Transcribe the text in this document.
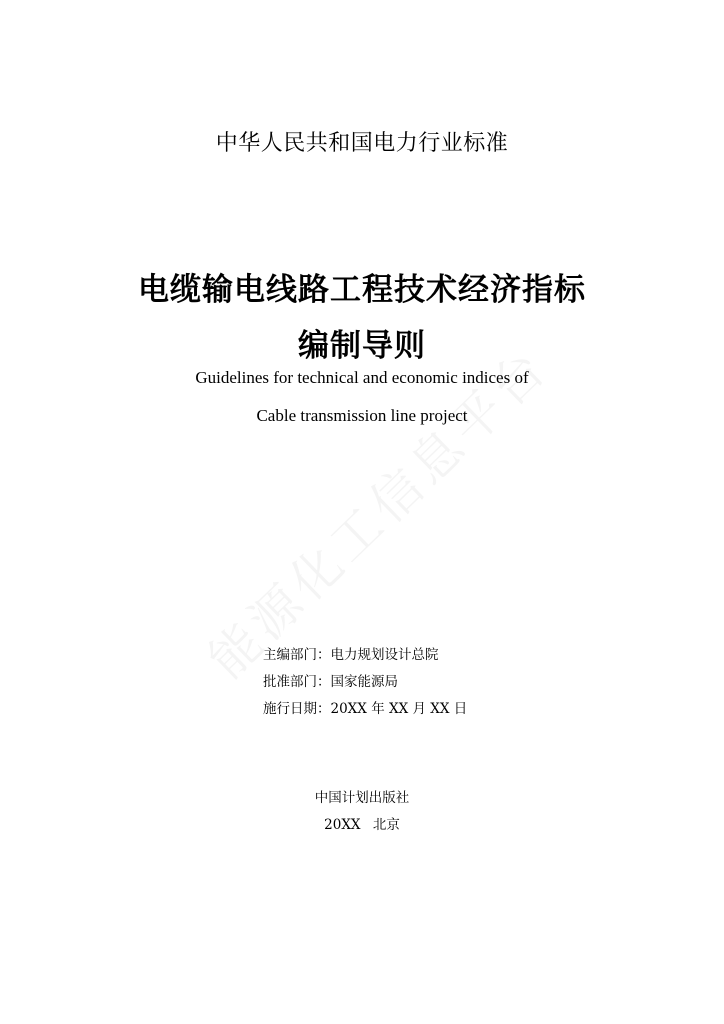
中华人民共和国电力行业标准
电缆输电线路工程技术经济指标
编制导则
Guidelines for technical and economic indices of
Cable transmission line project
主编部门：电力规划设计总院
批准部门：国家能源局
施行日期：20XX 年 XX 月 XX 日
中国计划出版社
20XX 北京
